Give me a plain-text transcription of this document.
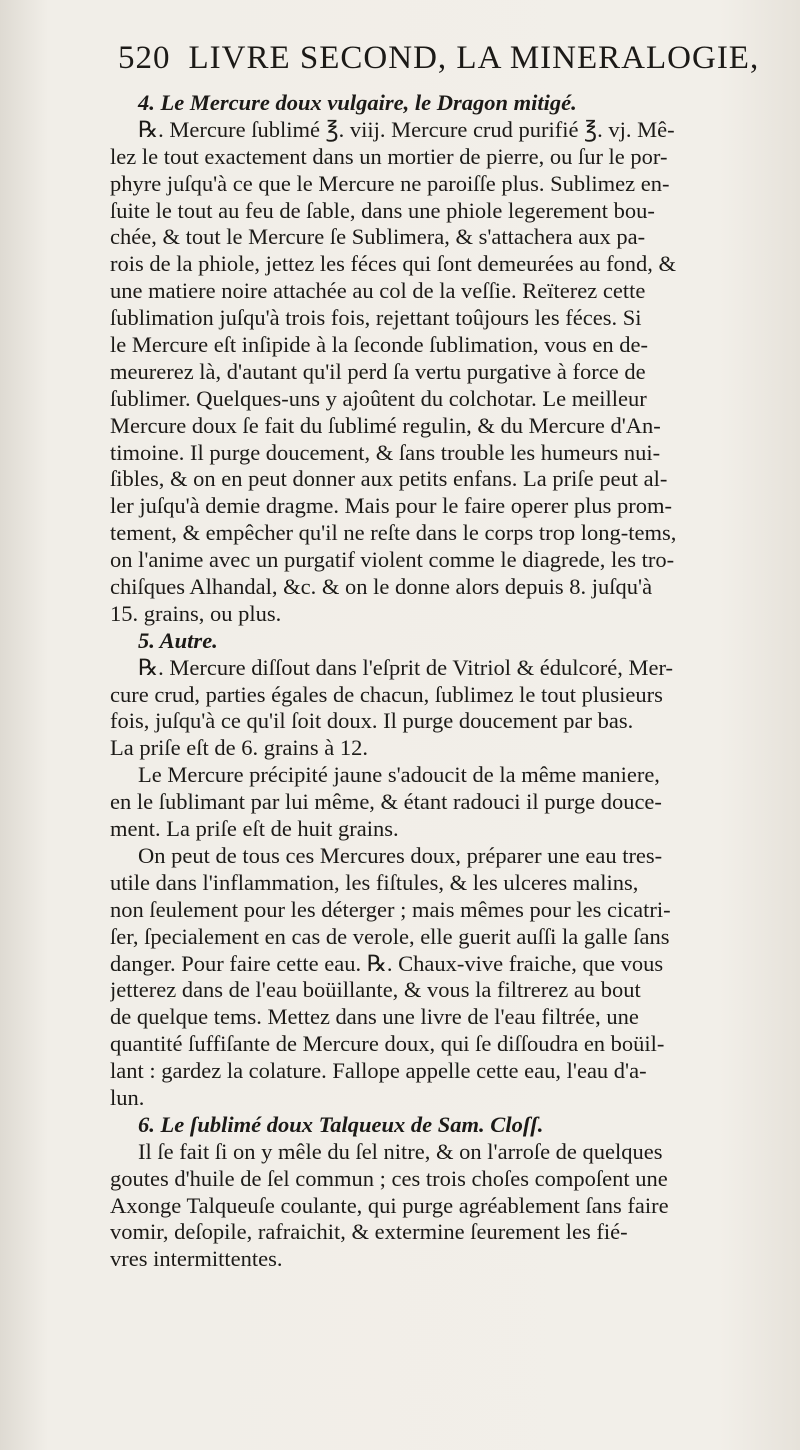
520 LIVRE SECOND, LA MINERALOGIE,
4. Le Mercure doux vulgaire, le Dragon mitigé.
℞. Mercure ſublimé ℥. viij. Mercure crud purifié ℥. vj. Mê-
lez le tout exactement dans un mortier de pierre, ou ſur le por-
phyre juſqu'à ce que le Mercure ne paroiſſe plus. Sublimez en-
ſuite le tout au feu de ſable, dans une phiole legerement bou-
chée, & tout le Mercure ſe Sublimera, & s'attachera aux pa-
rois de la phiole, jettez les féces qui ſont demeurées au fond, &
une matiere noire attachée au col de la veſſie. Reïterez cette
ſublimation juſqu'à trois fois, rejettant toûjours les féces. Si
le Mercure eſt inſipide à la ſeconde ſublimation, vous en de-
meurerez là, d'autant qu'il perd ſa vertu purgative à force de
ſublimer. Quelques-uns y ajoûtent du colchotar. Le meilleur
Mercure doux ſe fait du ſublimé regulin, & du Mercure d'An-
timoine. Il purge doucement, & ſans trouble les humeurs nui-
ſibles, & on en peut donner aux petits enfans. La priſe peut al-
ler juſqu'à demie dragme. Mais pour le faire operer plus prom-
tement, & empêcher qu'il ne reſte dans le corps trop long-tems,
on l'anime avec un purgatif violent comme le diagrede, les tro-
chiſques Alhandal, &c. & on le donne alors depuis 8. juſqu'à
15. grains, ou plus.
5. Autre.
℞. Mercure diſſout dans l'eſprit de Vitriol & édulcoré, Mer-
cure crud, parties égales de chacun, ſublimez le tout plusieurs
fois, juſqu'à ce qu'il ſoit doux. Il purge doucement par bas.
La priſe eſt de 6. grains à 12.
Le Mercure précipité jaune s'adoucit de la même maniere,
en le ſublimant par lui même, & étant radouci il purge douce-
ment. La priſe eſt de huit grains.
On peut de tous ces Mercures doux, préparer une eau tres-
utile dans l'inflammation, les fiſtules, & les ulceres malins,
non ſeulement pour les déterger ; mais mêmes pour les cicatri-
ſer, ſpecialement en cas de verole, elle guerit auſſi la galle ſans
danger. Pour faire cette eau. ℞. Chaux-vive fraiche, que vous
jetterez dans de l'eau boüillante, & vous la filtrerez au bout
de quelque tems. Mettez dans une livre de l'eau filtrée, une
quantité ſuffiſante de Mercure doux, qui ſe diſſoudra en boüil-
lant : gardez la colature. Fallope appelle cette eau, l'eau d'a-
lun.
6. Le ſublimé doux Talqueux de Sam. Cloſſ.
Il ſe fait ſi on y mêle du ſel nitre, & on l'arroſe de quelques
goutes d'huile de ſel commun ; ces trois choſes compoſent une
Axonge Talqueuſe coulante, qui purge agréablement ſans faire
vomir, deſopile, rafraichit, & extermine ſeurement les fié-
vres intermittentes.
